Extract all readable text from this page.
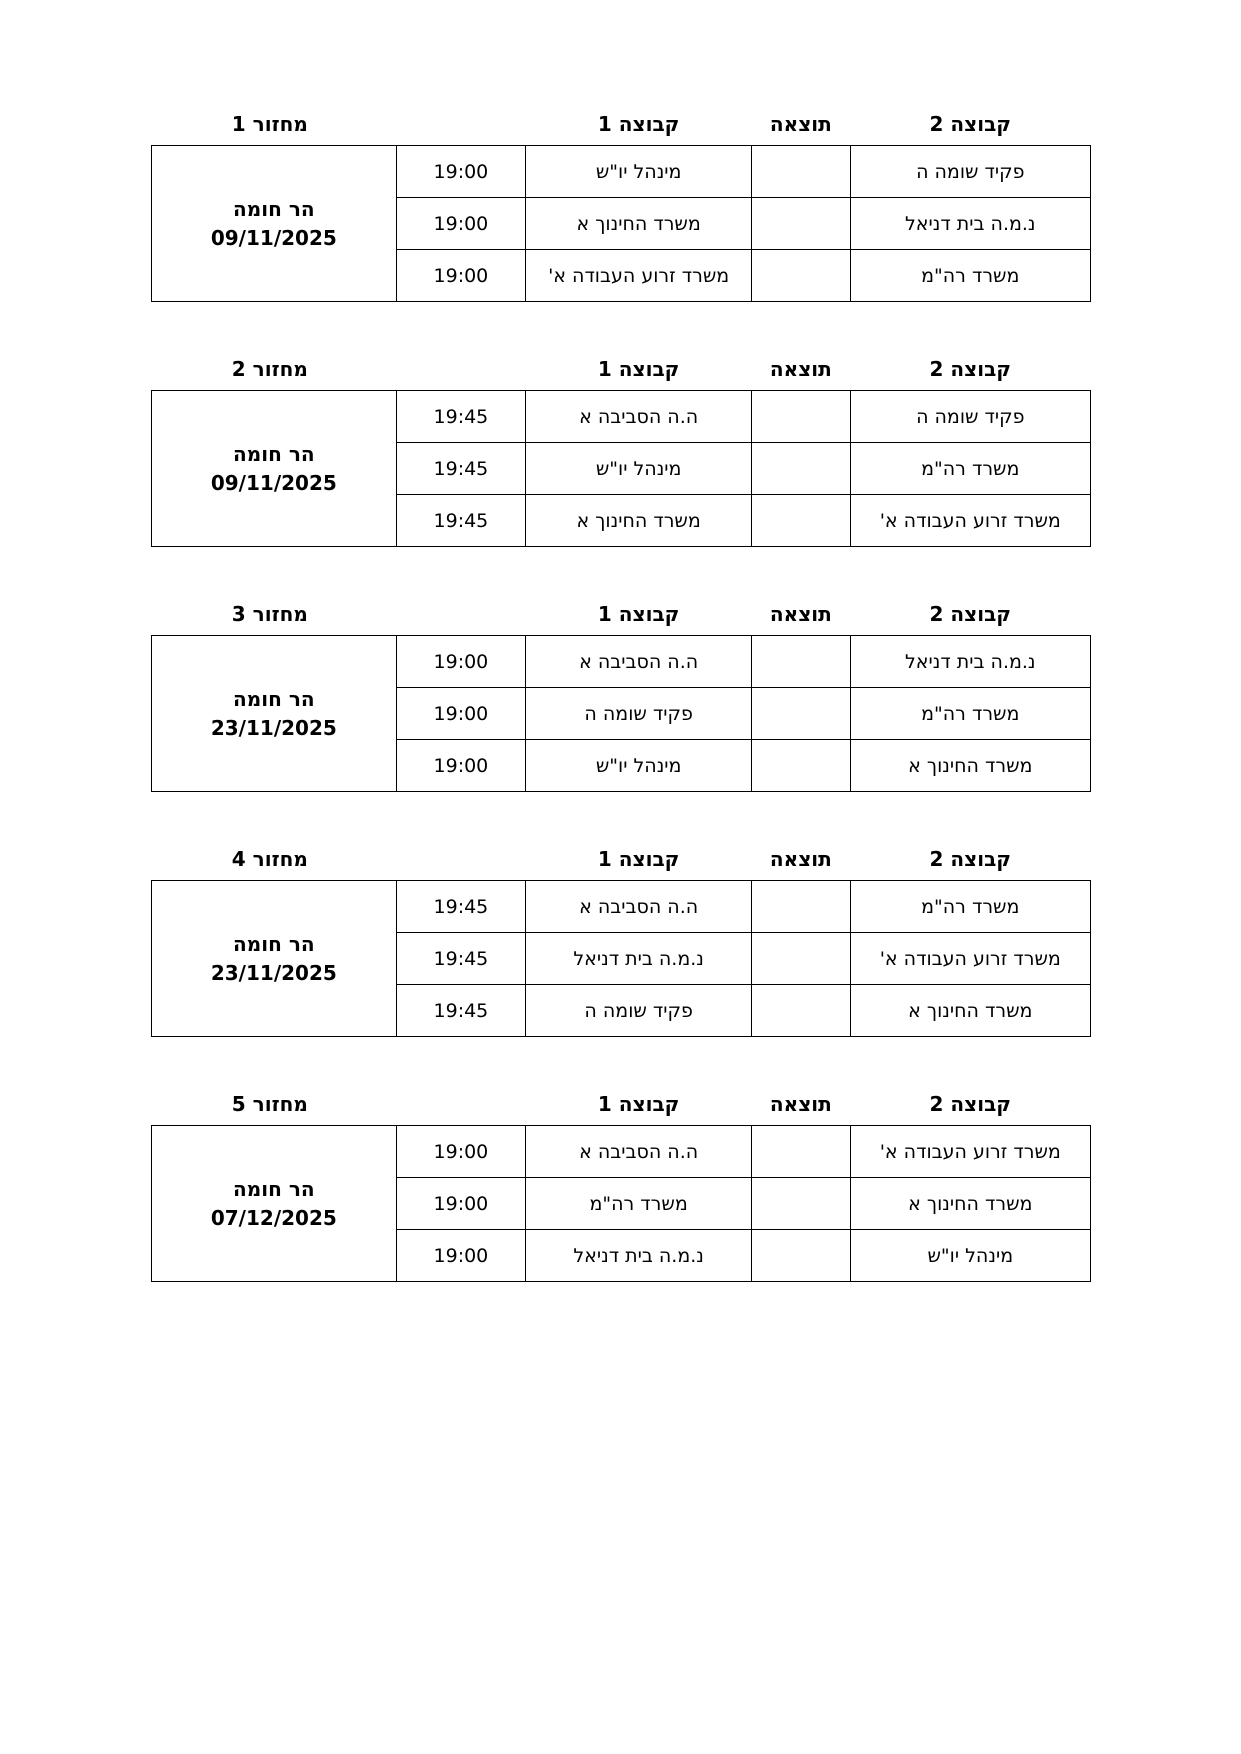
קבוצה 2	תוצאה	קבוצה 1		מחזור 1
פקיד שומה ה		מינהל יו"ש	19:00	הר חומה
09/11/2025

נ.מ.ה בית דניאל		משרד החינוך א	19:00	
משרד רה"מ		משרד זרוע העבודה א'	19:00	
קבוצה 2	תוצאה	קבוצה 1		מחזור 2
פקיד שומה ה		ה.ה הסביבה א	19:45	הר חומה
09/11/2025

משרד רה"מ		מינהל יו"ש	19:45	
משרד זרוע העבודה א'		משרד החינוך א	19:45	
קבוצה 2	תוצאה	קבוצה 1		מחזור 3
נ.מ.ה בית דניאל		ה.ה הסביבה א	19:00	הר חומה
23/11/2025

משרד רה"מ		פקיד שומה ה	19:00	
משרד החינוך א		מינהל יו"ש	19:00	
קבוצה 2	תוצאה	קבוצה 1		מחזור 4
משרד רה"מ		ה.ה הסביבה א	19:45	הר חומה
23/11/2025

משרד זרוע העבודה א'		נ.מ.ה בית דניאל	19:45	
משרד החינוך א		פקיד שומה ה	19:45	
קבוצה 2	תוצאה	קבוצה 1		מחזור 5
משרד זרוע העבודה א'		ה.ה הסביבה א	19:00	הר חומה
07/12/2025

משרד החינוך א		משרד רה"מ	19:00	
מינהל יו"ש		נ.מ.ה בית דניאל	19:00	
